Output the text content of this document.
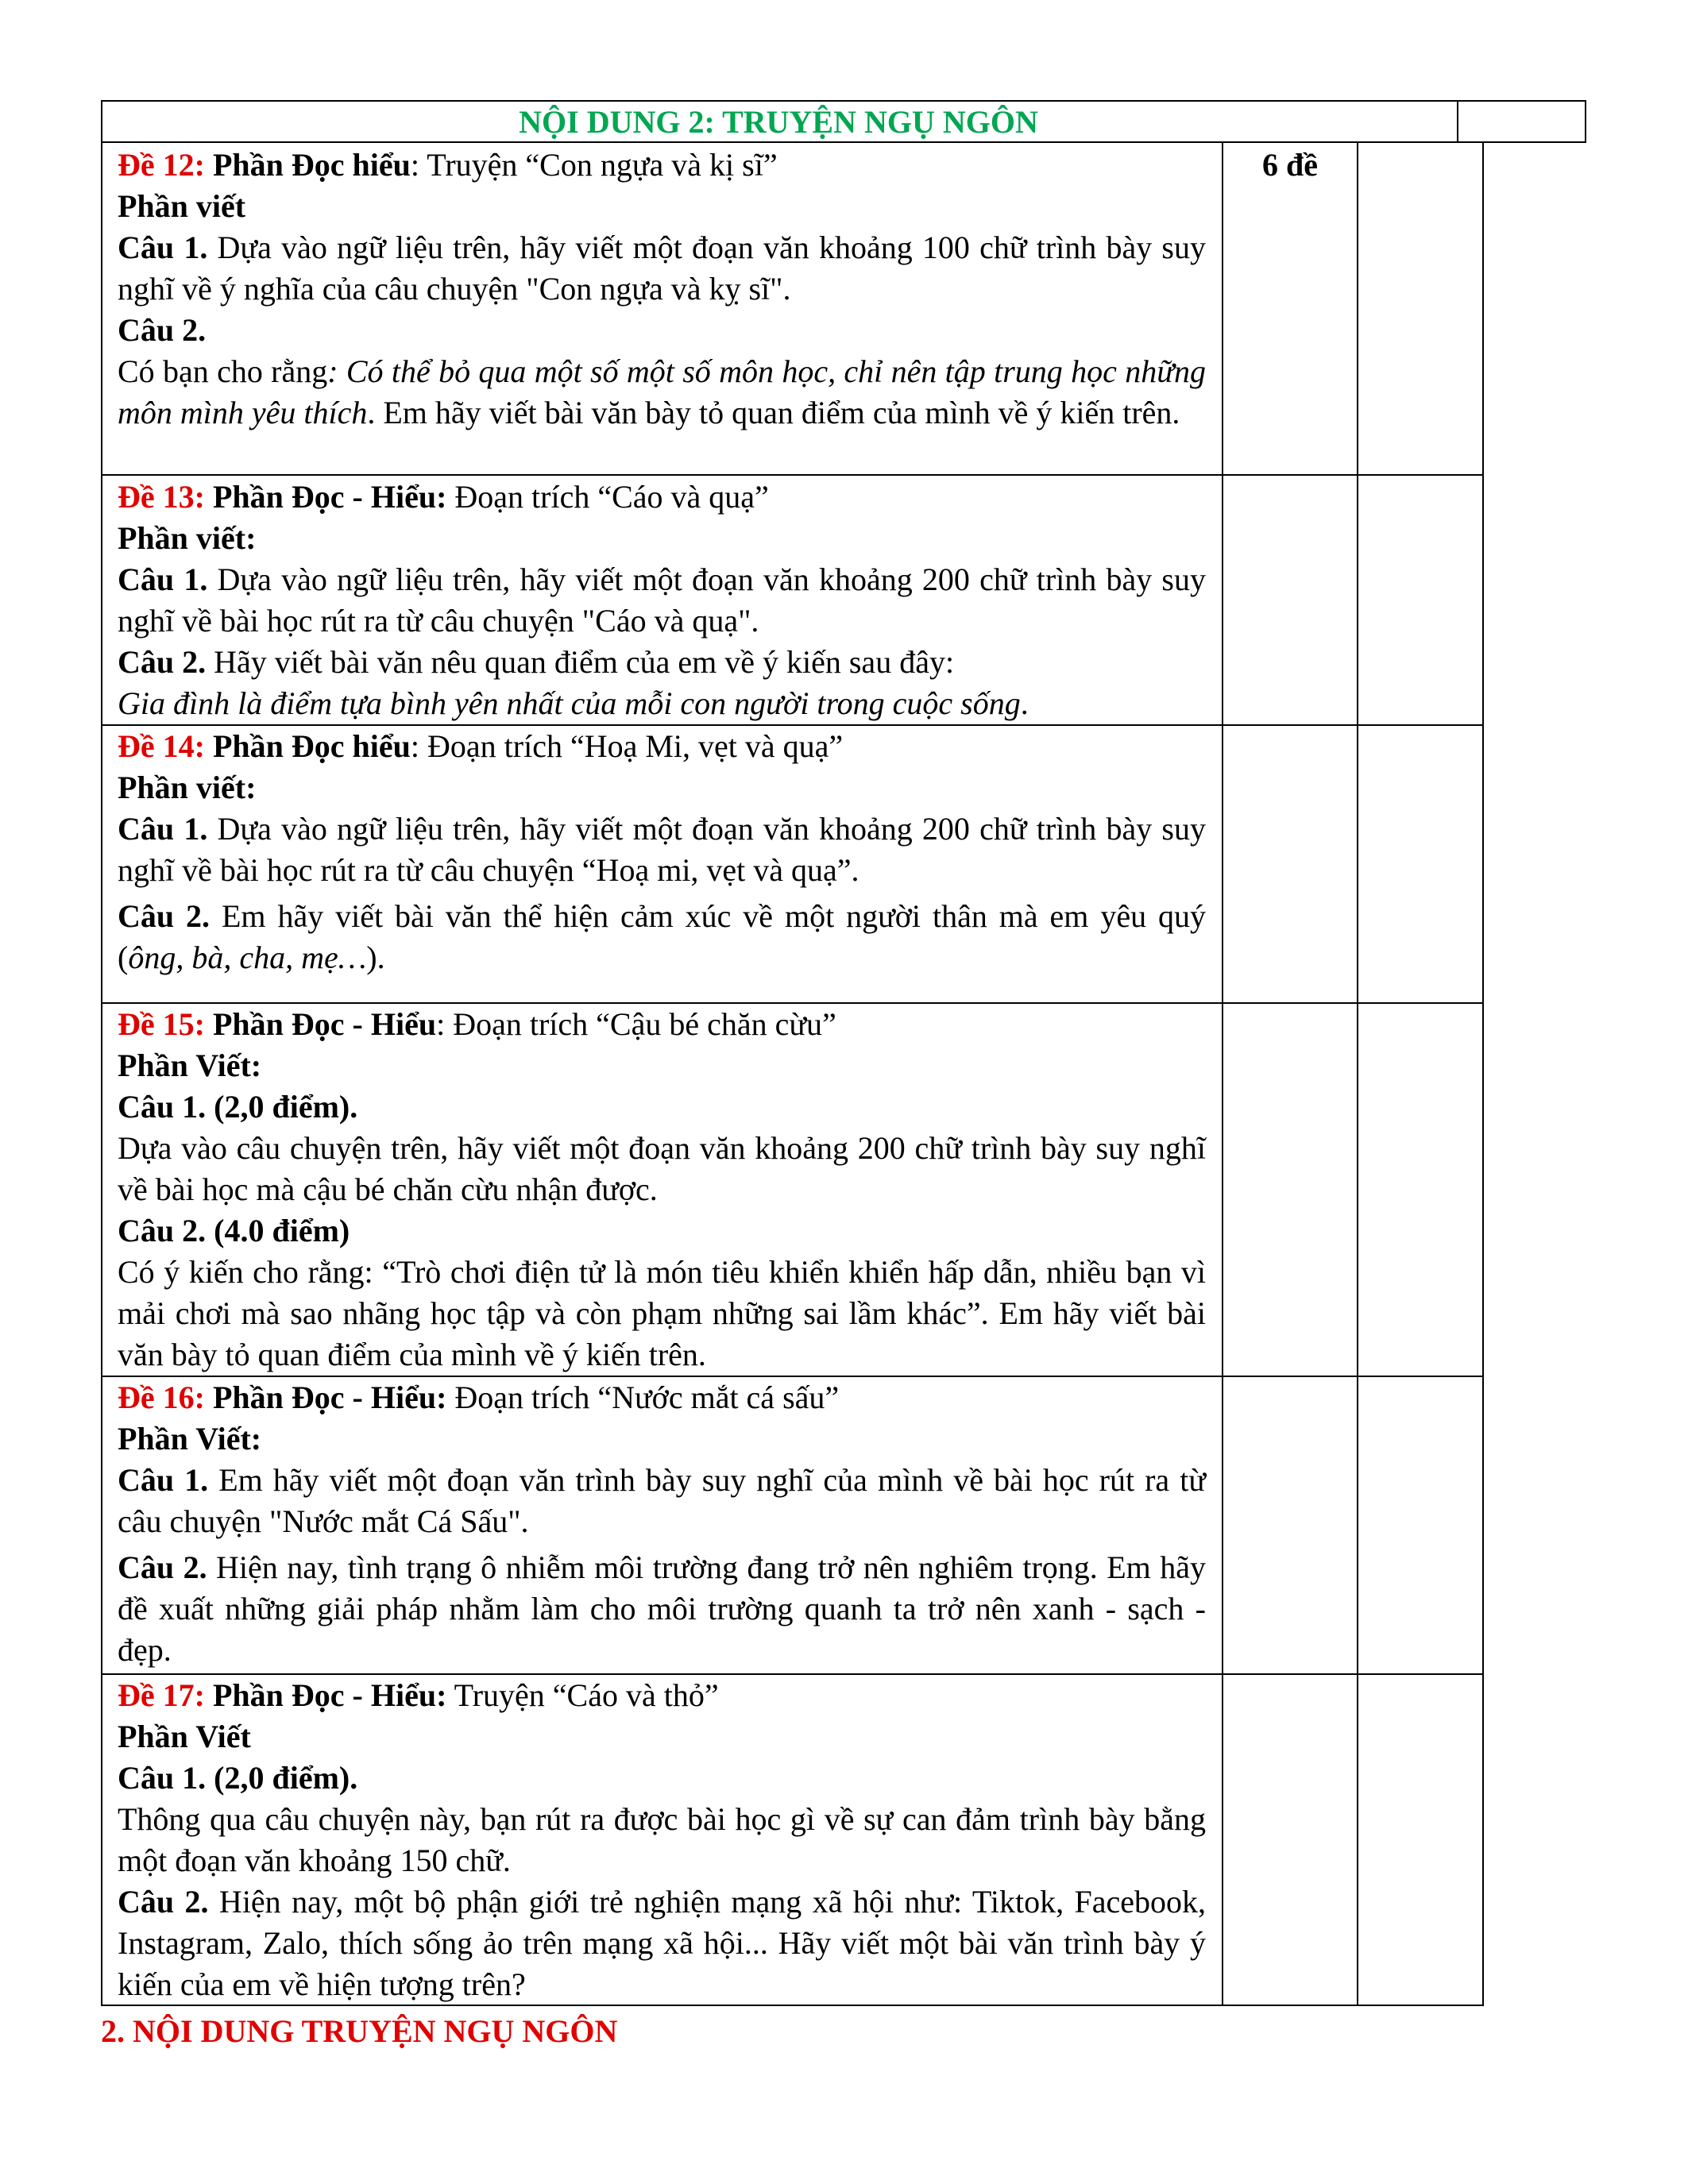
NỘI DUNG 2: TRUYỆN NGỤ NGÔN
6 đề

Đề 12: Phần Đọc hiểu: Truyện “Con ngựa và kị sĩ”

Phần viết

Câu 1. Dựa vào ngữ liệu trên, hãy viết một đoạn văn khoảng 100 chữ trình bày suy nghĩ về ý nghĩa của câu chuyện "Con ngựa và kỵ sĩ".

Câu 2.

Có bạn cho rằng: Có thể bỏ qua một số một số môn học, chỉ nên tập trung học những môn mình yêu thích. Em hãy viết bài văn bày tỏ quan điểm của mình về ý kiến trên.

Đề 13: Phần Đọc - Hiểu: Đoạn trích “Cáo và quạ”

Phần viết:

Câu 1. Dựa vào ngữ liệu trên, hãy viết một đoạn văn khoảng 200 chữ trình bày suy nghĩ về bài học rút ra từ câu chuyện "Cáo và quạ".

Câu 2. Hãy viết bài văn nêu quan điểm của em về ý kiến sau đây:

Gia đình là điểm tựa bình yên nhất của mỗi con người trong cuộc sống.

Đề 14: Phần Đọc hiểu: Đoạn trích “Hoạ Mi, vẹt và quạ”

Phần viết:

Câu 1. Dựa vào ngữ liệu trên, hãy viết một đoạn văn khoảng 200 chữ trình bày suy nghĩ về bài học rút ra từ câu chuyện “Hoạ mi, vẹt và quạ”.

Câu 2. Em hãy viết bài văn thể hiện cảm xúc về một người thân mà em yêu quý (ông, bà, cha, mẹ…).

Đề 15: Phần Đọc - Hiểu: Đoạn trích “Cậu bé chăn cừu”

Phần Viết:

Câu 1. (2,0 điểm).

Dựa vào câu chuyện trên, hãy viết một đoạn văn khoảng 200 chữ trình bày suy nghĩ về bài học mà cậu bé chăn cừu nhận được.

Câu 2. (4.0 điểm)

Có ý kiến cho rằng: “Trò chơi điện tử là món tiêu khiển khiển hấp dẫn, nhiều bạn vì mải chơi mà sao nhãng học tập và còn phạm những sai lầm khác”. Em hãy viết bài văn bày tỏ quan điểm của mình về ý kiến trên.

Đề 16: Phần Đọc - Hiểu: Đoạn trích “Nước mắt cá sấu”

Phần Viết:

Câu 1. Em hãy viết một đoạn văn trình bày suy nghĩ của mình về bài học rút ra từ câu chuyện "Nước mắt Cá Sấu".

Câu 2. Hiện nay, tình trạng ô nhiễm môi trường đang trở nên nghiêm trọng. Em hãy đề xuất những giải pháp nhằm làm cho môi trường quanh ta trở nên xanh - sạch - đẹp.

Đề 17: Phần Đọc - Hiểu: Truyện “Cáo và thỏ”

Phần Viết

Câu 1. (2,0 điểm).

Thông qua câu chuyện này, bạn rút ra được bài học gì về sự can đảm trình bày bằng một đoạn văn khoảng 150 chữ.

Câu 2. Hiện nay, một bộ phận giới trẻ nghiện mạng xã hội như: Tiktok, Facebook, Instagram, Zalo, thích sống ảo trên mạng xã hội... Hãy viết một bài văn trình bày ý kiến của em về hiện tượng trên?

2. NỘI DUNG TRUYỆN NGỤ NGÔN
